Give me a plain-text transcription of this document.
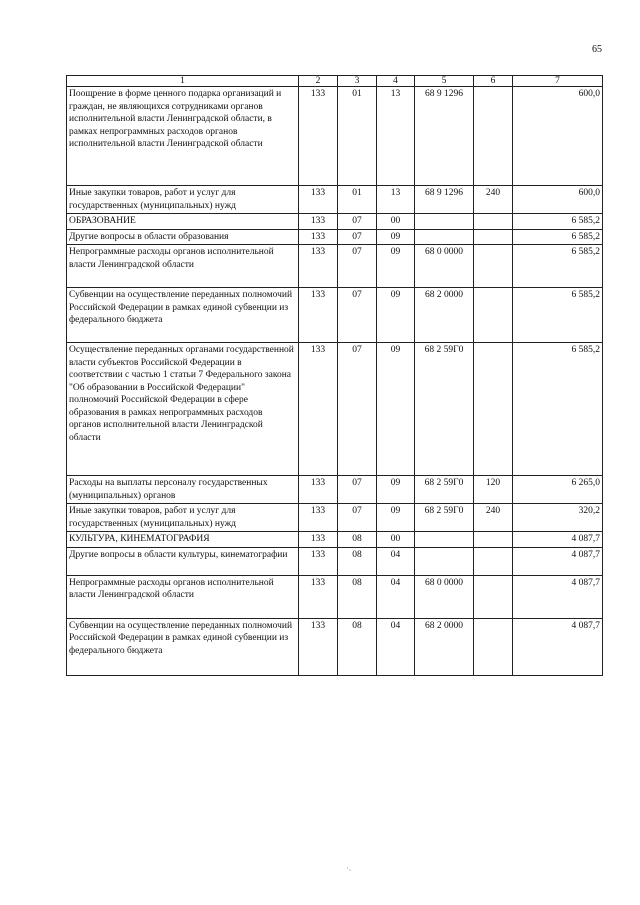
65
1	2	3	4	5	6	7
Поощрение в форме ценного подарка организаций и граждан, не являющихся сотрудниками органов исполнительной власти Ленинградской области, в рамках непрограммных расходов органов исполнительной власти Ленинградской области	133	01	13	68 9 1296		600,0
Иные закупки товаров, работ и услуг для государственных (муниципальных) нужд	133	01	13	68 9 1296	240	600,0
ОБРАЗОВАНИЕ	133	07	00			6 585,2
Другие вопросы в области образования	133	07	09			6 585,2
Непрограммные расходы органов исполнительной власти Ленинградской области	133	07	09	68 0 0000		6 585,2
Субвенции на осуществление переданных полномочий Российской Федерации в рамках единой субвенции из федерального бюджета	133	07	09	68 2 0000		6 585,2
Осуществление переданных органами государственной власти субъектов Российской Федерации в соответствии с частью 1 статьи 7 Федерального закона "Об образовании в Российской Федерации" полномочий Российской Федерации в сфере образования в рамках непрограммных расходов органов исполнительной власти Ленинградской области	133	07	09	68 2 59Г0		6 585,2
Расходы на выплаты персоналу государственных (муниципальных) органов	133	07	09	68 2 59Г0	120	6 265,0
Иные закупки товаров, работ и услуг для государственных (муниципальных) нужд	133	07	09	68 2 59Г0	240	320,2
КУЛЬТУРА, КИНЕМАТОГРАФИЯ	133	08	00			4 087,7
Другие вопросы в области культуры, кинематографии	133	08	04			4 087,7
Непрограммные расходы органов исполнительной власти Ленинградской области	133	08	04	68 0 0000		4 087,7
Субвенции на осуществление переданных полномочий Российской Федерации в рамках единой субвенции из федерального бюджета	133	08	04	68 2 0000		4 087,7
˙·
